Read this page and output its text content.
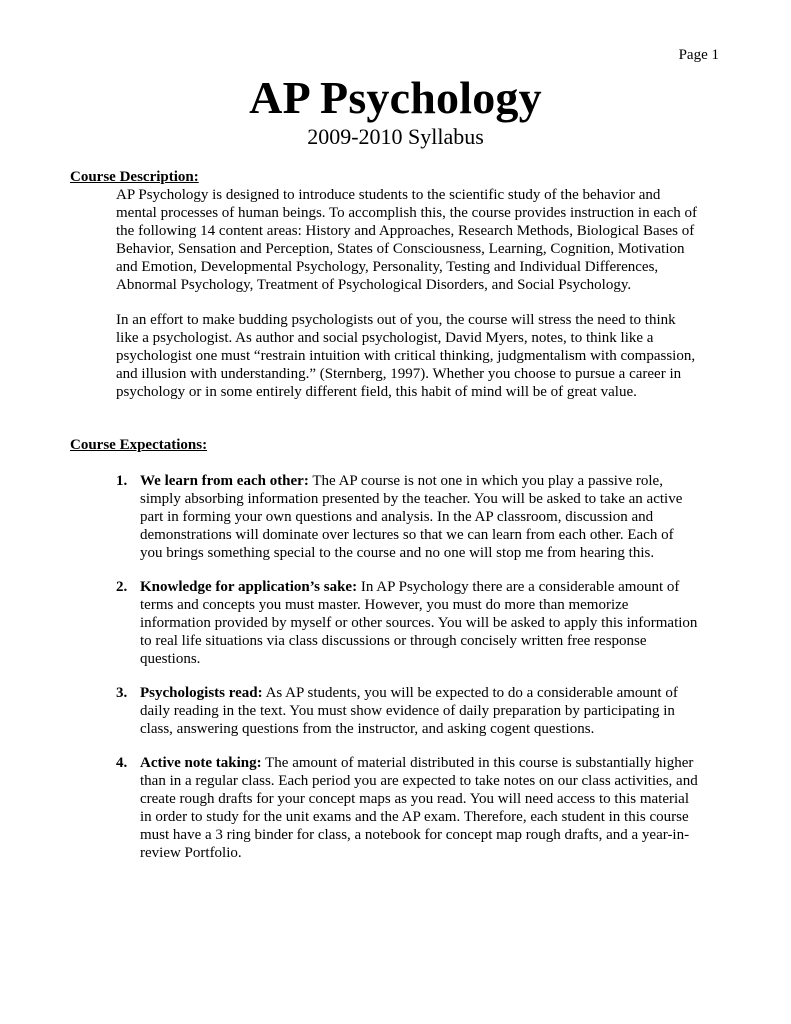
Page 1
AP Psychology
2009-2010 Syllabus
Course Description:
AP Psychology is designed to introduce students to the scientific study of the behavior and
mental processes of human beings. To accomplish this, the course provides instruction in each of
the following 14 content areas: History and Approaches, Research Methods, Biological Bases of
Behavior, Sensation and Perception, States of Consciousness, Learning, Cognition, Motivation
and Emotion, Developmental Psychology, Personality, Testing and Individual Differences,
Abnormal Psychology, Treatment of Psychological Disorders, and Social Psychology.
In an effort to make budding psychologists out of you, the course will stress the need to think
like a psychologist. As author and social psychologist, David Myers, notes, to think like a
psychologist one must “restrain intuition with critical thinking, judgmentalism with compassion,
and illusion with understanding.” (Sternberg, 1997). Whether you choose to pursue a career in
psychology or in some entirely different field, this habit of mind will be of great value.
Course Expectations:
1. We learn from each other: The AP course is not one in which you play a passive role,
simply absorbing information presented by the teacher. You will be asked to take an active
part in forming your own questions and analysis. In the AP classroom, discussion and
demonstrations will dominate over lectures so that we can learn from each other. Each of
you brings something special to the course and no one will stop me from hearing this.
2. Knowledge for application’s sake: In AP Psychology there are a considerable amount of
terms and concepts you must master. However, you must do more than memorize
information provided by myself or other sources. You will be asked to apply this information
to real life situations via class discussions or through concisely written free response
questions.
3. Psychologists read: As AP students, you will be expected to do a considerable amount of
daily reading in the text. You must show evidence of daily preparation by participating in
class, answering questions from the instructor, and asking cogent questions.
4. Active note taking: The amount of material distributed in this course is substantially higher
than in a regular class. Each period you are expected to take notes on our class activities, and
create rough drafts for your concept maps as you read. You will need access to this material
in order to study for the unit exams and the AP exam. Therefore, each student in this course
must have a 3 ring binder for class, a notebook for concept map rough drafts, and a year-in-
review Portfolio.
